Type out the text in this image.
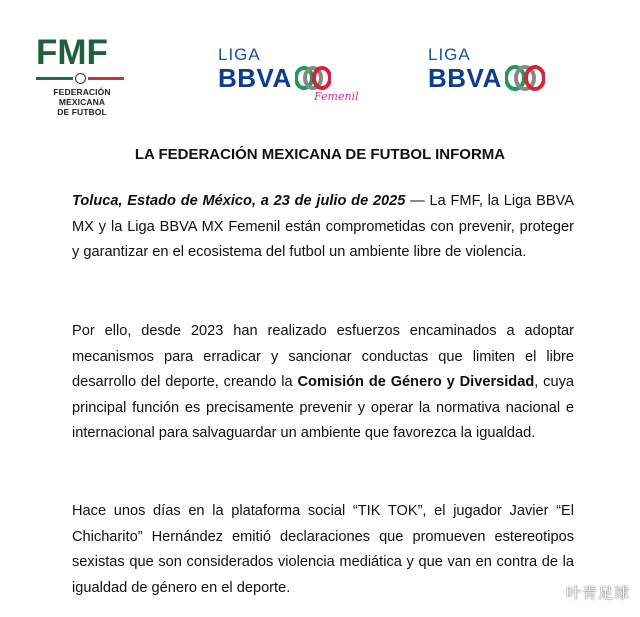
FMF
FEDERACIÓN MEXICANA
DE FUTBOL
LIGA
BBVA
Femenil
LIGA
BBVA
LA FEDERACIÓN MEXICANA DE FUTBOL INFORMA

Toluca, Estado de México, a 23 de julio de 2025 — La FMF, la Liga BBVA MX y la Liga BBVA MX Femenil están comprometidas con prevenir, proteger y garantizar en el ecosistema del futbol un ambiente libre de violencia.

Por ello, desde 2023 han realizado esfuerzos encaminados a adoptar mecanismos para erradicar y sancionar conductas que limiten el libre desarrollo del deporte, creando la Comisión de Género y Diversidad, cuya principal función es precisamente prevenir y operar la normativa nacional e internacional para salvaguardar un ambiente que favorezca la igualdad.

Hace unos días en la plataforma social “TIK TOK”, el jugador Javier “El Chicharito” Hernández emitió declaraciones que promueven estereotipos sexistas que son considerados violencia mediática y que van en contra de la igualdad de género en el deporte.	叶青足球
